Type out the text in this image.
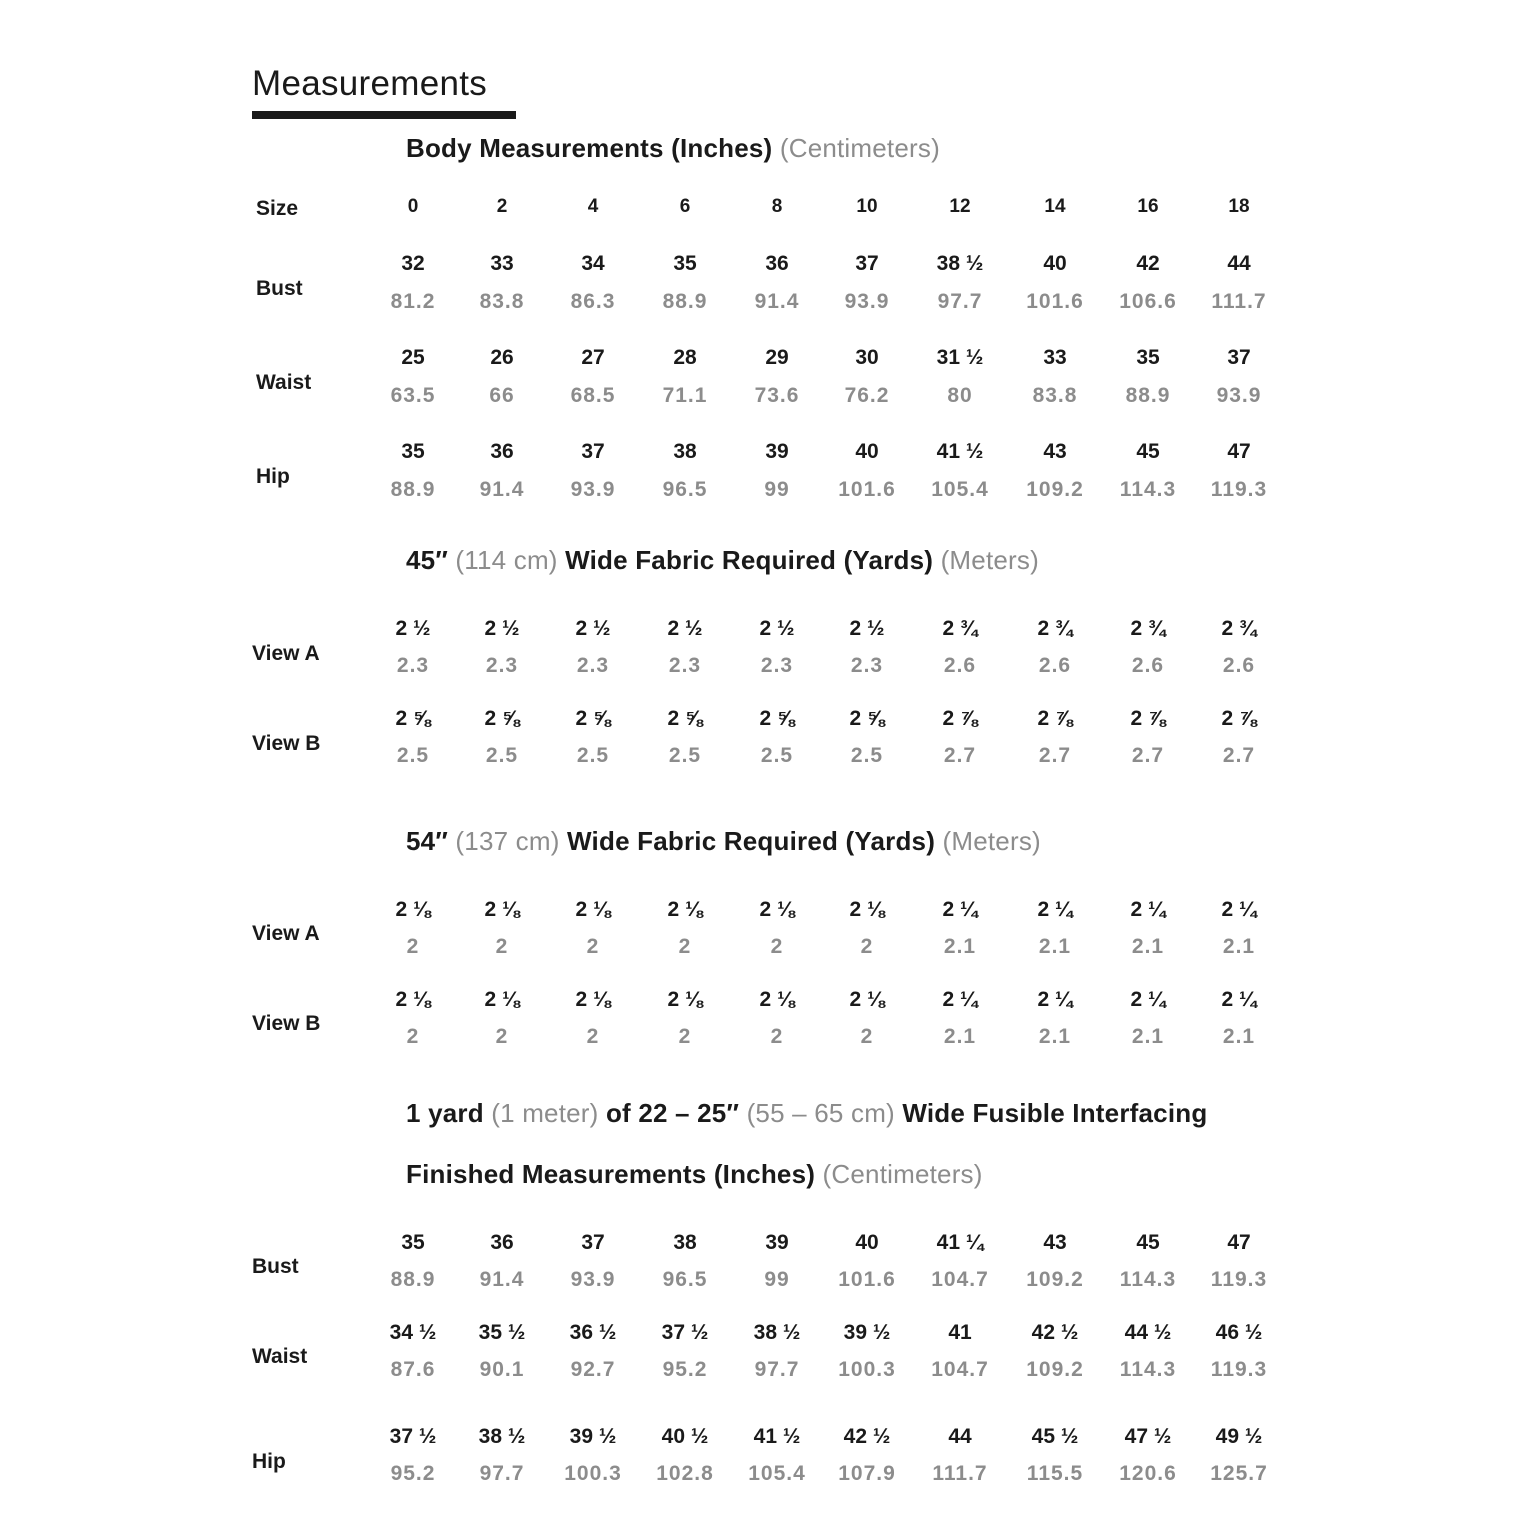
Measurements
Body Measurements (Inches) (Centimeters)
Size	0	2	4	6	8	10	12	14	16	18
Bust
32	33	34	35	36	37	38 ½	40	42	44
81.2	83.8	86.3	88.9	91.4	93.9	97.7	101.6	106.6	111.7
Waist
25	26	27	28	29	30	31 ½	33	35	37
63.5	66	68.5	71.1	73.6	76.2	80	83.8	88.9	93.9
Hip
35	36	37	38	39	40	41 ½	43	45	47
88.9	91.4	93.9	96.5	99	101.6	105.4	109.2	114.3	119.3
45″ (114 cm) Wide Fabric Required (Yards) (Meters)
View A
2 ½	2 ½	2 ½	2 ½	2 ½	2 ½	2 ¾	2 ¾	2 ¾	2 ¾
2.3	2.3	2.3	2.3	2.3	2.3	2.6	2.6	2.6	2.6
View B
2 ⅝	2 ⅝	2 ⅝	2 ⅝	2 ⅝	2 ⅝	2 ⅞	2 ⅞	2 ⅞	2 ⅞
2.5	2.5	2.5	2.5	2.5	2.5	2.7	2.7	2.7	2.7
54″ (137 cm) Wide Fabric Required (Yards) (Meters)
View A
2 ⅛	2 ⅛	2 ⅛	2 ⅛	2 ⅛	2 ⅛	2 ¼	2 ¼	2 ¼	2 ¼
2	2	2	2	2	2	2.1	2.1	2.1	2.1
View B
2 ⅛	2 ⅛	2 ⅛	2 ⅛	2 ⅛	2 ⅛	2 ¼	2 ¼	2 ¼	2 ¼
2	2	2	2	2	2	2.1	2.1	2.1	2.1
1 yard (1 meter) of 22 – 25″ (55 – 65 cm) Wide Fusible Interfacing
Finished Measurements (Inches) (Centimeters)
Bust
35	36	37	38	39	40	41 ¼	43	45	47
88.9	91.4	93.9	96.5	99	101.6	104.7	109.2	114.3	119.3
Waist
34 ½	35 ½	36 ½	37 ½	38 ½	39 ½	41	42 ½	44 ½	46 ½
87.6	90.1	92.7	95.2	97.7	100.3	104.7	109.2	114.3	119.3
Hip
37 ½	38 ½	39 ½	40 ½	41 ½	42 ½	44	45 ½	47 ½	49 ½
95.2	97.7	100.3	102.8	105.4	107.9	111.7	115.5	120.6	125.7
